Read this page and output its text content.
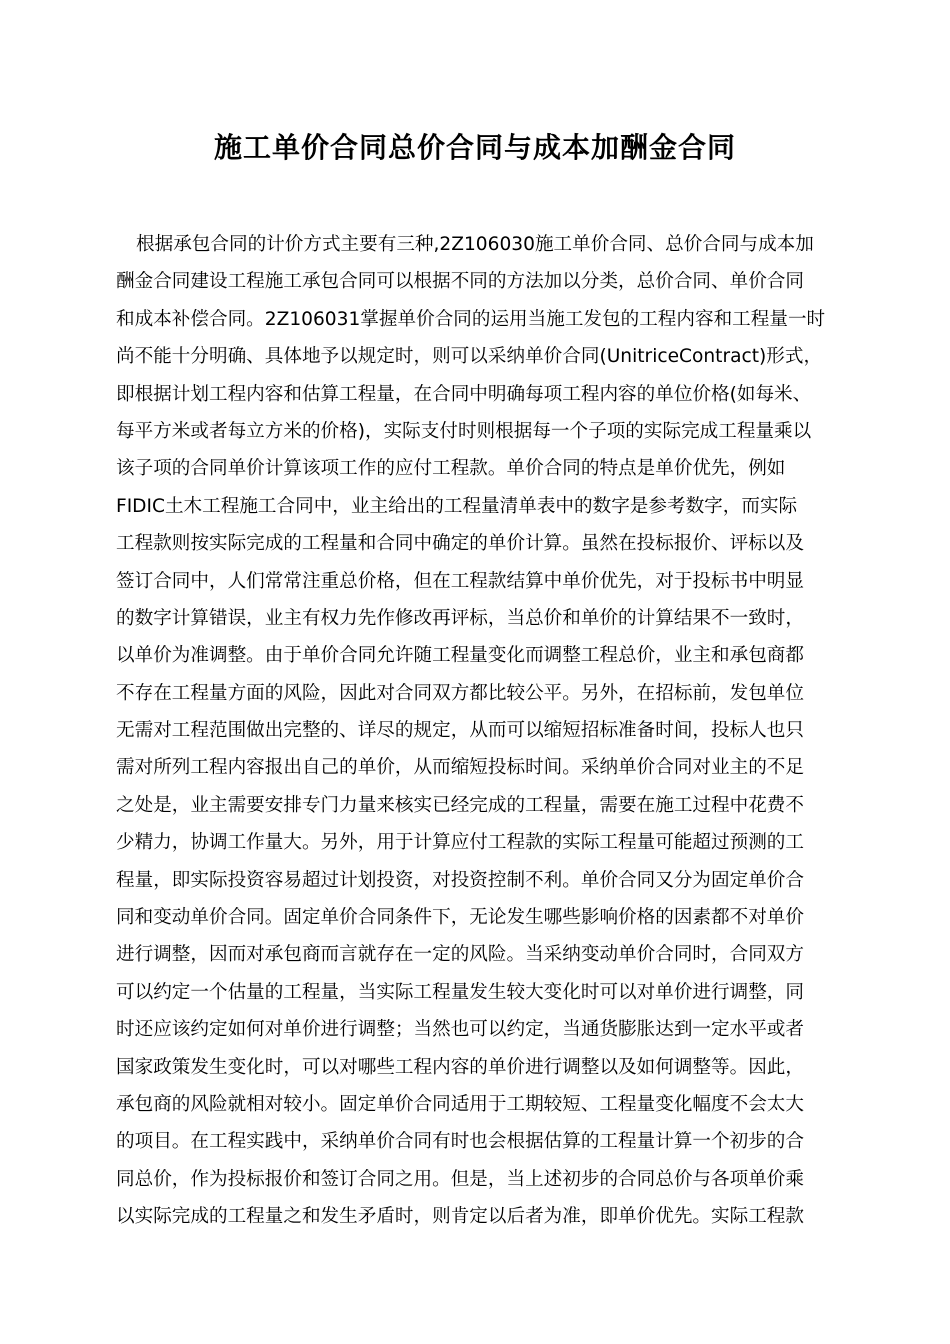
施工单价合同总价合同与成本加酬金合同
根据承包合同的计价方式主要有三种,2Z106030施工单价合同、总价合同与成本加
酬金合同建设工程施工承包合同可以根据不同的方法加以分类，总价合同、单价合同
和成本补偿合同。2Z106031掌握单价合同的运用当施工发包的工程内容和工程量一时
尚不能十分明确、具体地予以规定时，则可以采纳单价合同(UnitriceContract)形式，
即根据计划工程内容和估算工程量，在合同中明确每项工程内容的单位价格(如每米、
每平方米或者每立方米的价格)，实际支付时则根据每一个子项的实际完成工程量乘以
该子项的合同单价计算该项工作的应付工程款。单价合同的特点是单价优先，例如
FIDIC土木工程施工合同中，业主给出的工程量清单表中的数字是参考数字，而实际
工程款则按实际完成的工程量和合同中确定的单价计算。虽然在投标报价、评标以及
签订合同中，人们常常注重总价格，但在工程款结算中单价优先，对于投标书中明显
的数字计算错误，业主有权力先作修改再评标，当总价和单价的计算结果不一致时，
以单价为准调整。由于单价合同允许随工程量变化而调整工程总价，业主和承包商都
不存在工程量方面的风险，因此对合同双方都比较公平。另外，在招标前，发包单位
无需对工程范围做出完整的、详尽的规定，从而可以缩短招标准备时间，投标人也只
需对所列工程内容报出自己的单价，从而缩短投标时间。采纳单价合同对业主的不足
之处是，业主需要安排专门力量来核实已经完成的工程量，需要在施工过程中花费不
少精力，协调工作量大。另外，用于计算应付工程款的实际工程量可能超过预测的工
程量，即实际投资容易超过计划投资，对投资控制不利。单价合同又分为固定单价合
同和变动单价合同。固定单价合同条件下，无论发生哪些影响价格的因素都不对单价
进行调整，因而对承包商而言就存在一定的风险。当采纳变动单价合同时，合同双方
可以约定一个估量的工程量，当实际工程量发生较大变化时可以对单价进行调整，同
时还应该约定如何对单价进行调整；当然也可以约定，当通货膨胀达到一定水平或者
国家政策发生变化时，可以对哪些工程内容的单价进行调整以及如何调整等。因此，
承包商的风险就相对较小。固定单价合同适用于工期较短、工程量变化幅度不会太大
的项目。在工程实践中，采纳单价合同有时也会根据估算的工程量计算一个初步的合
同总价，作为投标报价和签订合同之用。但是，当上述初步的合同总价与各项单价乘
以实际完成的工程量之和发生矛盾时，则肯定以后者为准，即单价优先。实际工程款
